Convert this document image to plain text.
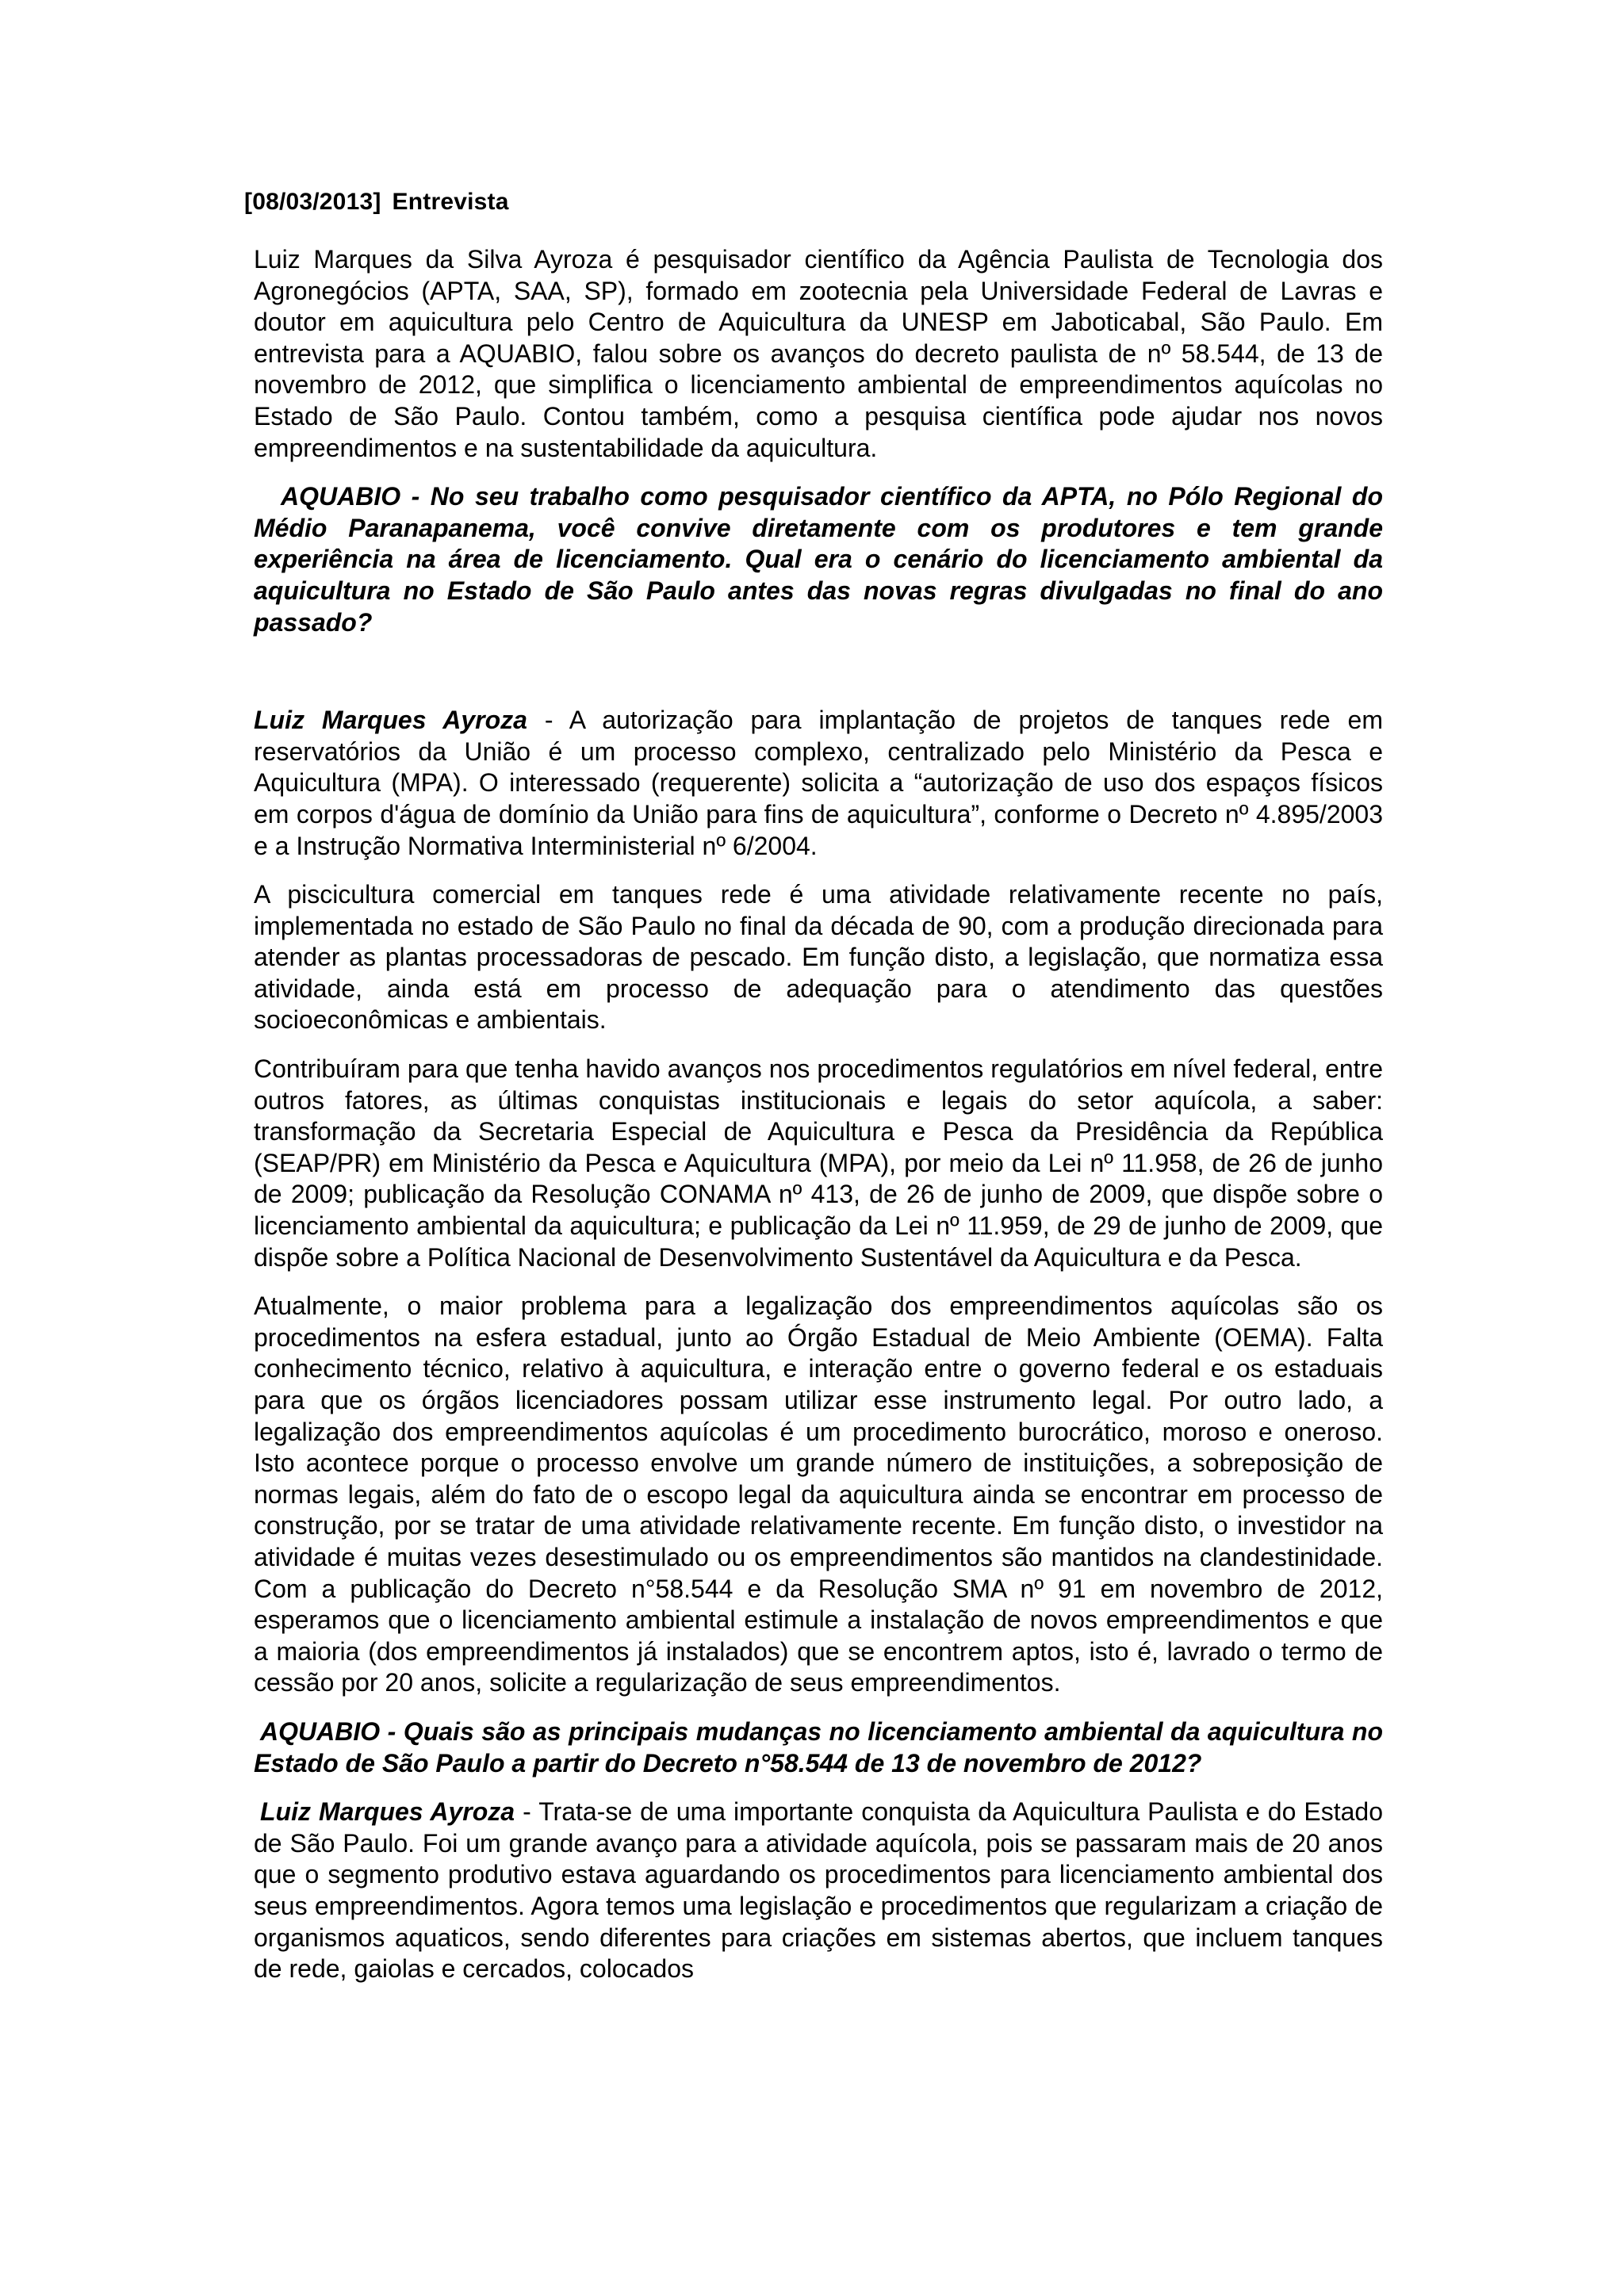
[08/03/2013] Entrevista

Luiz Marques da Silva Ayroza é pesquisador científico da Agência Paulista de Tecnologia dos Agronegócios (APTA, SAA, SP), formado em zootecnia pela Universidade Federal de Lavras e doutor em aquicultura pelo Centro de Aquicultura da UNESP em Jaboticabal, São Paulo. Em entrevista para a AQUABIO, falou sobre os avanços do decreto paulista de nº 58.544, de 13 de novembro de 2012, que simplifica o licenciamento ambiental de empreendimentos aquícolas no Estado de São Paulo. Contou também, como a pesquisa científica pode ajudar nos novos empreendimentos e na sustentabilidade da aquicultura.

AQUABIO - No seu trabalho como pesquisador científico da APTA, no Pólo Regional do Médio Paranapanema, você convive diretamente com os produtores e tem grande experiência na área de licenciamento. Qual era o cenário do licenciamento ambiental da aquicultura no Estado de São Paulo antes das novas regras divulgadas no final do ano passado?

Luiz Marques Ayroza - A autorização para implantação de projetos de tanques rede em reservatórios da União é um processo complexo, centralizado pelo Ministério da Pesca e Aquicultura (MPA). O interessado (requerente) solicita a “autorização de uso dos espaços físicos em corpos d'água de domínio da União para fins de aquicultura”, conforme o Decreto nº 4.895/2003 e a Instrução Normativa Interministerial nº 6/2004.

A piscicultura comercial em tanques rede é uma atividade relativamente recente no país, implementada no estado de São Paulo no final da década de 90, com a produção direcionada para atender as plantas processadoras de pescado. Em função disto, a legislação, que normatiza essa atividade, ainda está em processo de adequação para o atendimento das questões socioeconômicas e ambientais.

Contribuíram para que tenha havido avanços nos procedimentos regulatórios em nível federal, entre outros fatores, as últimas conquistas institucionais e legais do setor aquícola, a saber: transformação da Secretaria Especial de Aquicultura e Pesca da Presidência da República (SEAP/PR) em Ministério da Pesca e Aquicultura (MPA), por meio da Lei nº 11.958, de 26 de junho de 2009; publicação da Resolução CONAMA nº 413, de 26 de junho de 2009, que dispõe sobre o licenciamento ambiental da aquicultura; e publicação da Lei nº 11.959, de 29 de junho de 2009, que dispõe sobre a Política Nacional de Desenvolvimento Sustentável da Aquicultura e da Pesca.

Atualmente, o maior problema para a legalização dos empreendimentos aquícolas são os procedimentos na esfera estadual, junto ao Órgão Estadual de Meio Ambiente (OEMA). Falta conhecimento técnico, relativo à aquicultura, e interação entre o governo federal e os estaduais para que os órgãos licenciadores possam utilizar esse instrumento legal. Por outro lado, a legalização dos empreendimentos aquícolas é um procedimento burocrático, moroso e oneroso. Isto acontece porque o processo envolve um grande número de instituições, a sobreposição de normas legais, além do fato de o escopo legal da aquicultura ainda se encontrar em processo de construção, por se tratar de uma atividade relativamente recente. Em função disto, o investidor na atividade é muitas vezes desestimulado ou os empreendimentos são mantidos na clandestinidade. Com a publicação do Decreto n°58.544 e da Resolução SMA nº 91 em novembro de 2012, esperamos que o licenciamento ambiental estimule a instalação de novos empreendimentos e que a maioria (dos empreendimentos já instalados) que se encontrem aptos, isto é, lavrado o termo de cessão por 20 anos, solicite a regularização de seus empreendimentos.

AQUABIO - Quais são as principais mudanças no licenciamento ambiental da aquicultura no Estado de São Paulo a partir do Decreto n°58.544 de 13 de novembro de 2012?

Luiz Marques Ayroza - Trata-se de uma importante conquista da Aquicultura Paulista e do Estado de São Paulo. Foi um grande avanço para a atividade aquícola, pois se passaram mais de 20 anos que o segmento produtivo estava aguardando os procedimentos para licenciamento ambiental dos seus empreendimentos. Agora temos uma legislação e procedimentos que regularizam a criação de organismos aquaticos, sendo diferentes para criações em sistemas abertos, que incluem tanques de rede, gaiolas e cercados, colocados
